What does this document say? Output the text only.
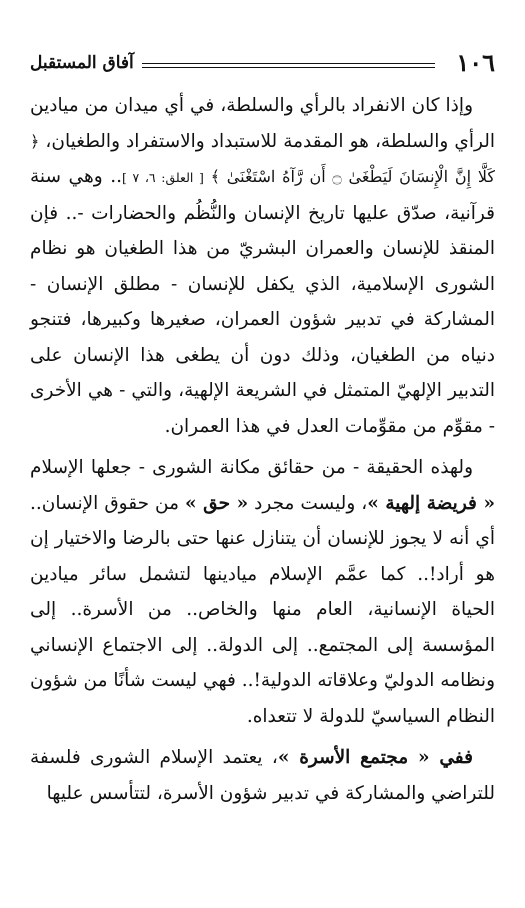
١٠٦
آفاق المستقبل

وإذا كان الانفراد بالرأي والسلطة، في أي ميدان من ميادين الرأي والسلطة، هو المقدمة للاستبداد والاستفراد والطغيان، ﴿ كَلَّا إِنَّ الْإِنسَانَ لَيَطْغَىٰ ۝ أَن رَّآهُ اسْتَغْنَىٰ ﴾ [ العلق: ٦، ٧ ].. وهي سنة قرآنية، صدّق عليها تاريخ الإنسان والنُّظُم والحضارات -.. فإن المنقذ للإنسان والعمران البشريّ من هذا الطغيان هو نظام الشورى الإسلامية، الذي يكفل للإنسان - مطلق الإنسان - المشاركة في تدبير شؤون العمران، صغيرها وكبيرها، فتنجو دنياه من الطغيان، وذلك دون أن يطغى هذا الإنسان على التدبير الإلهيّ المتمثل في الشريعة الإلهية، والتي - هي الأخرى - مقوِّم من مقوِّمات العدل في هذا العمران.

ولهذه الحقيقة - من حقائق مكانة الشورى - جعلها الإسلام « فريضة إلهية »، وليست مجرد « حق » من حقوق الإنسان.. أي أنه لا يجوز للإنسان أن يتنازل عنها حتى بالرضا والاختيار إن هو أراد!.. كما عمَّم الإسلام ميادينها لتشمل سائر ميادين الحياة الإنسانية، العام منها والخاص.. من الأسرة.. إلى المؤسسة إلى المجتمع.. إلى الدولة.. إلى الاجتماع الإنساني ونظامه الدوليّ وعلاقاته الدولية!.. فهي ليست شأنًا من شؤون النظام السياسيّ للدولة لا تتعداه.

ففي « مجتمع الأسرة »، يعتمد الإسلام الشورى فلسفة للتراضي والمشاركة في تدبير شؤون الأسرة، لتتأسس عليها
